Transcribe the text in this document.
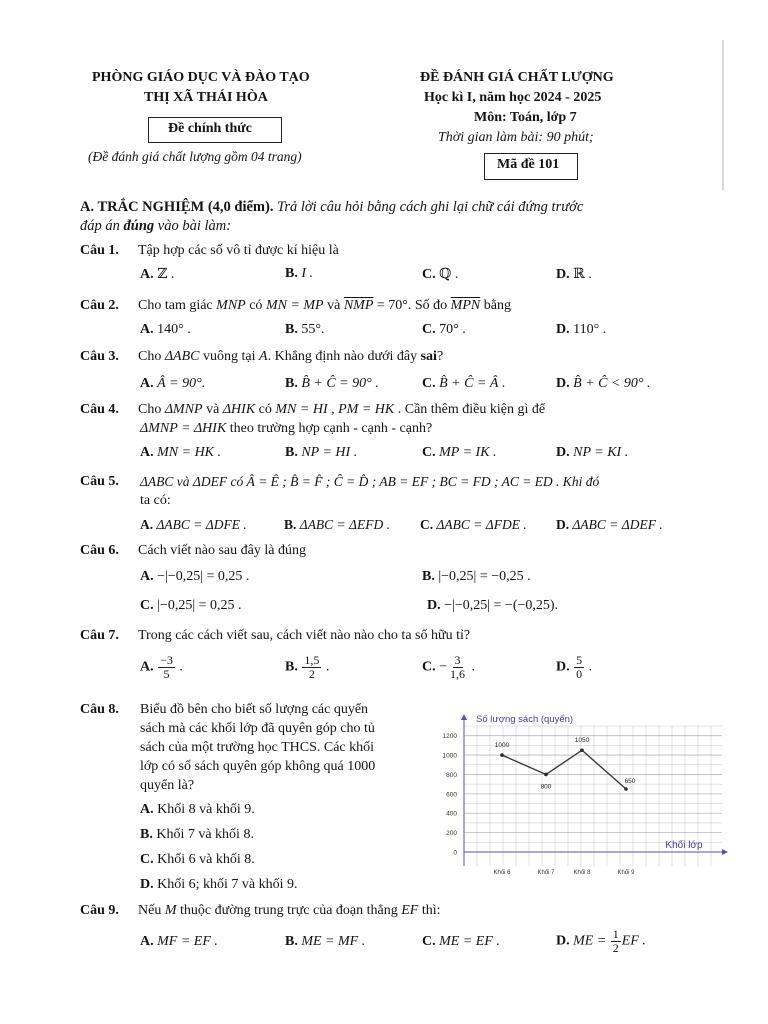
PHÒNG GIÁO DỤC VÀ ĐÀO TẠO
THỊ XÃ THÁI HÒA
Đề chính thức
(Đề đánh giá chất lượng gồm 04 trang)
ĐỀ ĐÁNH GIÁ CHẤT LƯỢNG
Học kì I, năm học 2024 - 2025
Môn: Toán, lớp 7
Thời gian làm bài: 90 phút;
Mã đề 101
A. TRẮC NGHIỆM (4,0 điểm). Trả lời câu hỏi bằng cách ghi lại chữ cái đứng trước
đáp án đúng vào bài làm:
Câu 1. Tập hợp các số vô tỉ được kí hiệu là
A. ℤ .	B. I .	C. ℚ .	D. ℝ .
Câu 2. Cho tam giác MNP có MN = MP và $\overline{NMP} = 70^\circ$. Số đo $\overline{MPN}$ bằng
A. 140° .	B. 55°.	C. 70° .	D. 110° .
Câu 3. Cho ΔABC vuông tại A. Khẳng định nào dưới đây sai?
A. Â = 90°.	B. B̂ + Ĉ = 90° .	C. B̂ + Ĉ = Â .	D. B̂ + Ĉ < 90° .
Câu 4. Cho ΔMNP và ΔHIK có MN = HI , PM = HK . Cần thêm điều kiện gì để
ΔMNP = ΔHIK theo trường hợp cạnh - cạnh - cạnh?
A. MN = HK .	B. NP = HI .	C. MP = IK .	D. NP = KI .
Câu 5. ΔABC và ΔDEF có Â = Ê ; B̂ = F̂ ; Ĉ = D̂ ; AB = EF ; BC = FD ; AC = ED . Khi đó
ta có:
A. ΔABC = ΔDFE .	B. ΔABC = ΔEFD . C. ΔABC = ΔFDE . D. ΔABC = ΔDEF .
Câu 6. Cách viết nào sau đây là đúng
A. −|−0,25| = 0,25 .	B. |−0,25| = −0,25 .
C. |−0,25| = 0,25 .	D. −|−0,25| = −(−0,25).
Câu 7. Trong các cách viết sau, cách viết nào nào cho ta số hữu tỉ?
A. $\frac{-3}{5}$ .	B. $\frac{1,5}{2}$ .	C. − $\frac{3}{1,6}$ .	D. $\frac{5}{0}$ .
Câu 8. Biểu đồ bên cho biết số lượng các quyển
sách mà các khối lớp đã quyên góp cho tủ
sách của một trường học THCS. Các khối
lớp có số sách quyên góp không quá 1000
quyển là?
A. Khối 8 và khối 9.
B. Khối 7 và khối 8.
C. Khối 6 và khối 8.
D. Khối 6; khối 7 và khối 9.
0
200
400
600
800
1000
1200
Khối 6	Khối 7	Khối 8	Khối 9
1000
800
1050
650
Số lượng sách (quyển)
Khối lớp
Câu 9. Nếu M thuộc đường trung trực của đoạn thẳng EF thì:
A. MF = EF .	B. ME = MF .	C. ME = EF .	D. ME = $\frac{1}{2}$ EF .
